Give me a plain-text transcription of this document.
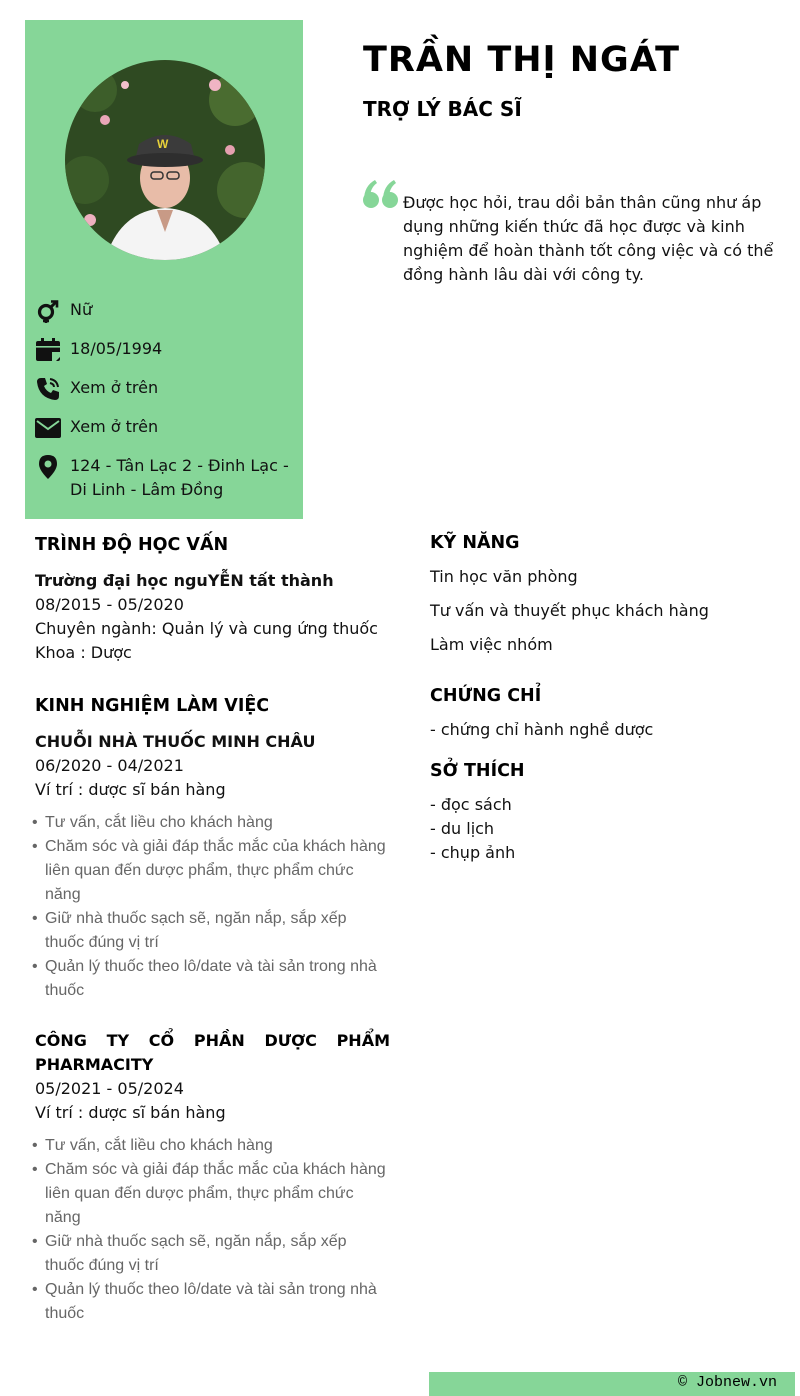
W
Nữ
18/05/1994
Xem ở trên
Xem ở trên
124 - Tân Lạc 2 - Đinh Lạc - Di Linh - Lâm Đồng
TRẦN THỊ NGÁT
TRỢ LÝ BÁC SĨ
Được học hỏi, trau dồi bản thân cũng như áp dụng những kiến thức đã học được và kinh nghiệm để hoàn thành tốt công việc và có thể đồng hành lâu dài với công ty.
TRÌNH ĐỘ HỌC VẤN
Trường đại học nguYỄN tất thành
08/2015 - 05/2020
Chuyên ngành: Quản lý và cung ứng thuốc
Khoa : Dược
KINH NGHIỆM LÀM VIỆC
CHUỖI NHÀ THUỐC MINH CHÂU
06/2020 - 04/2021
Ví trí : dược sĩ bán hàng
• Tư vấn, cắt liều cho khách hàng
• Chăm sóc và giải đáp thắc mắc của khách hàng liên quan đến dược phẩm, thực phẩm chức năng
• Giữ nhà thuốc sạch sẽ, ngăn nắp, sắp xếp thuốc đúng vị trí
• Quản lý thuốc theo lô/date và tài sản trong nhà thuốc
CÔNG TY CỔ PHẦN DƯỢC PHẨM PHARMACITY
05/2021 - 05/2024
Ví trí : dược sĩ bán hàng
• Tư vấn, cắt liều cho khách hàng
• Chăm sóc và giải đáp thắc mắc của khách hàng liên quan đến dược phẩm, thực phẩm chức năng
• Giữ nhà thuốc sạch sẽ, ngăn nắp, sắp xếp thuốc đúng vị trí
• Quản lý thuốc theo lô/date và tài sản trong nhà thuốc
KỸ NĂNG
Tin học văn phòng
Tư vấn và thuyết phục khách hàng
Làm việc nhóm
CHỨNG CHỈ
- chứng chỉ hành nghề dược
SỞ THÍCH
- đọc sách
- du lịch
- chụp ảnh
© Jobnew.vn
